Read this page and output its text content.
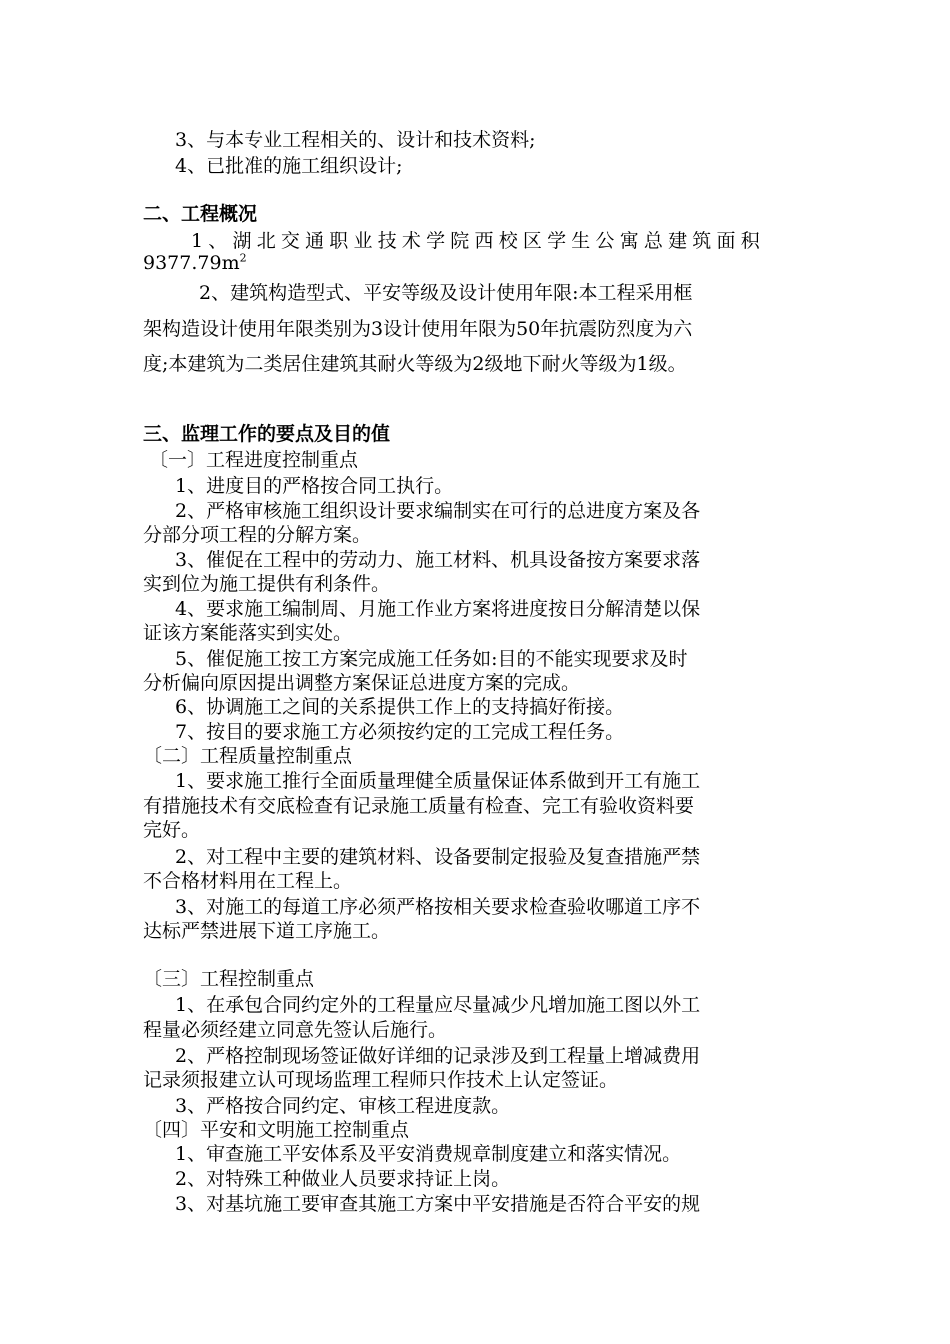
3、与本专业工程相关的、设计和技术资料;
4、已批准的施工组织设计;
二、工程概况
1、湖北交通职业技术学院西校区学生公寓总建筑面积
$9377.79m^2$
2、建筑构造型式、平安等级及设计使用年限:本工程采用框
架构造设计使用年限类别为3设计使用年限为50年抗震防烈度为六
度;本建筑为二类居住建筑其耐火等级为2级地下耐火等级为1级。
三、监理工作的要点及目的值
〔一〕工程进度控制重点
1、进度目的严格按合同工执行。
2、严格审核施工组织设计要求编制实在可行的总进度方案及各
分部分项工程的分解方案。
3、催促在工程中的劳动力、施工材料、机具设备按方案要求落
实到位为施工提供有利条件。
4、要求施工编制周、月施工作业方案将进度按日分解清楚以保
证该方案能落实到实处。
5、催促施工按工方案完成施工任务如:目的不能实现要求及时
分析偏向原因提出调整方案保证总进度方案的完成。
6、协调施工之间的关系提供工作上的支持搞好衔接。
7、按目的要求施工方必须按约定的工完成工程任务。
〔二〕工程质量控制重点
1、要求施工推行全面质量理健全质量保证体系做到开工有施工
有措施技术有交底检查有记录施工质量有检查、完工有验收资料要
完好。
2、对工程中主要的建筑材料、设备要制定报验及复查措施严禁
不合格材料用在工程上。
3、对施工的每道工序必须严格按相关要求检查验收哪道工序不
达标严禁进展下道工序施工。
〔三〕工程控制重点
1、在承包合同约定外的工程量应尽量减少凡增加施工图以外工
程量必须经建立同意先签认后施行。
2、严格控制现场签证做好详细的记录涉及到工程量上增减费用
记录须报建立认可现场监理工程师只作技术上认定签证。
3、严格按合同约定、审核工程进度款。
〔四〕平安和文明施工控制重点
1、审查施工平安体系及平安消费规章制度建立和落实情况。
2、对特殊工种做业人员要求持证上岗。
3、对基坑施工要审查其施工方案中平安措施是否符合平安的规
